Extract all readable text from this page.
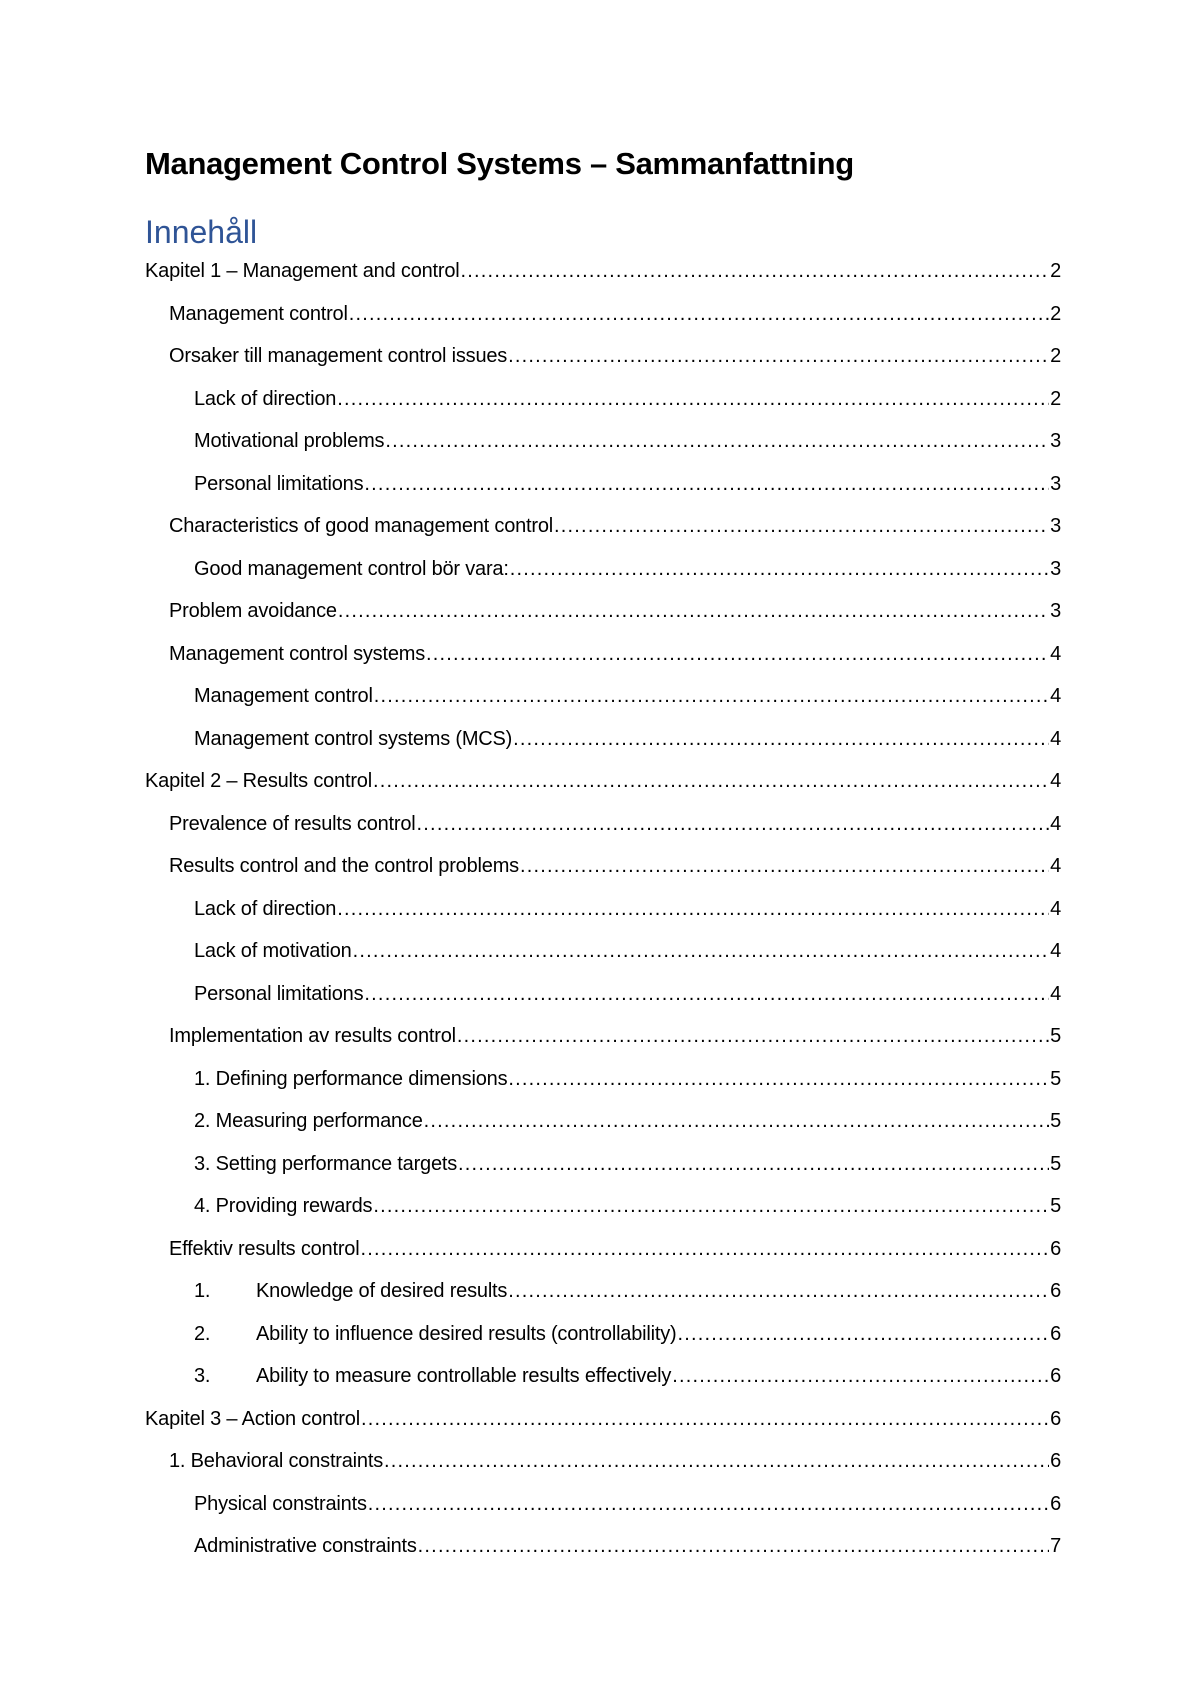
Management Control Systems – Sammanfattning
Innehåll
Kapitel 1 – Management and control .....	2
Management control .....	2
Orsaker till management control issues .....	2
Lack of direction .....	2
Motivational problems .....	3
Personal limitations .....	3
Characteristics of good management control .....	3
Good management control bör vara: .....	3
Problem avoidance .....	3
Management control systems .....	4
Management control .....	4
Management control systems (MCS) .....	4
Kapitel 2 – Results control .....	4
Prevalence of results control .....	4
Results control and the control problems .....	4
Lack of direction .....	4
Lack of motivation .....	4
Personal limitations .....	4
Implementation av results control .....	5
1. Defining performance dimensions .....	5
2. Measuring performance .....	5
3. Setting performance targets .....	5
4. Providing rewards .....	5
Effektiv results control .....	6
1.	Knowledge of desired results .....	6
2.	Ability to influence desired results (controllability) .....	6
3.	Ability to measure controllable results effectively .....	6
Kapitel 3 – Action control .....	6
1. Behavioral constraints .....	6
Physical constraints .....	6
Administrative constraints .....	7
